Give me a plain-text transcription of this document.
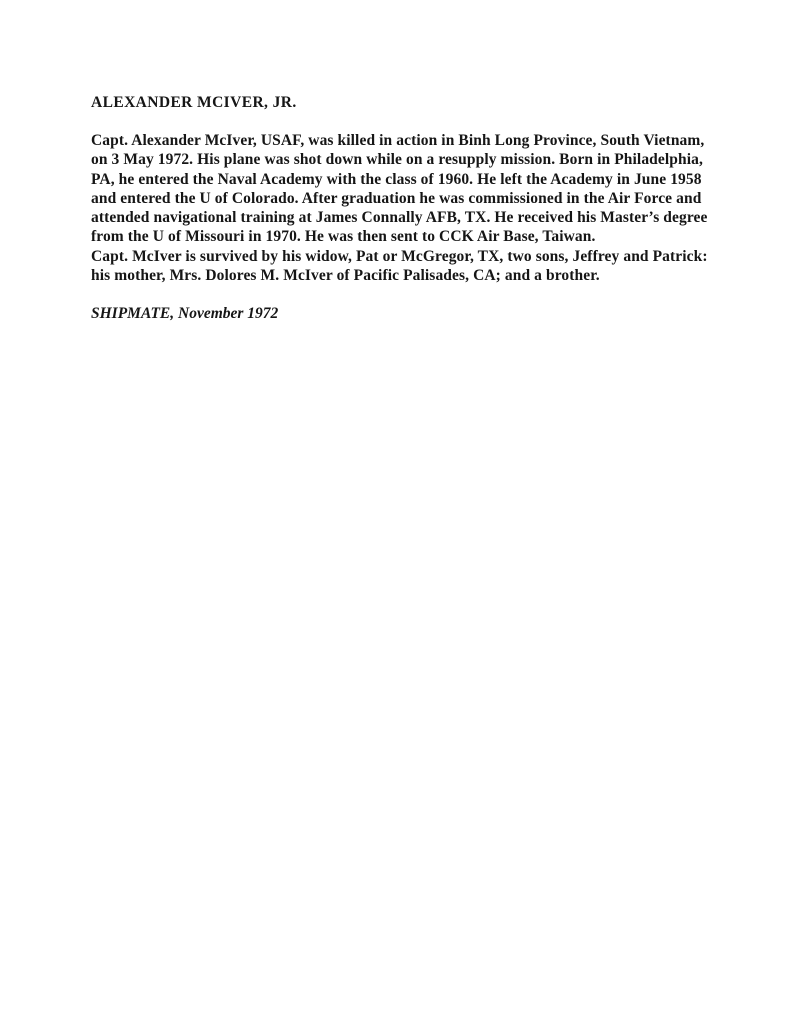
ALEXANDER MCIVER, JR.
Capt. Alexander McIver, USAF, was killed in action in Binh Long Province, South Vietnam,
on 3 May 1972. His plane was shot down while on a resupply mission. Born in Philadelphia,
PA, he entered the Naval Academy with the class of 1960. He left the Academy in June 1958
and entered the U of Colorado. After graduation he was commissioned in the Air Force and
attended navigational training at James Connally AFB, TX. He received his Master’s degree
from the U of Missouri in 1970. He was then sent to CCK Air Base, Taiwan.
Capt. McIver is survived by his widow, Pat or McGregor, TX, two sons, Jeffrey and Patrick:
his mother, Mrs. Dolores M. McIver of Pacific Palisades, CA; and a brother.
SHIPMATE, November 1972
